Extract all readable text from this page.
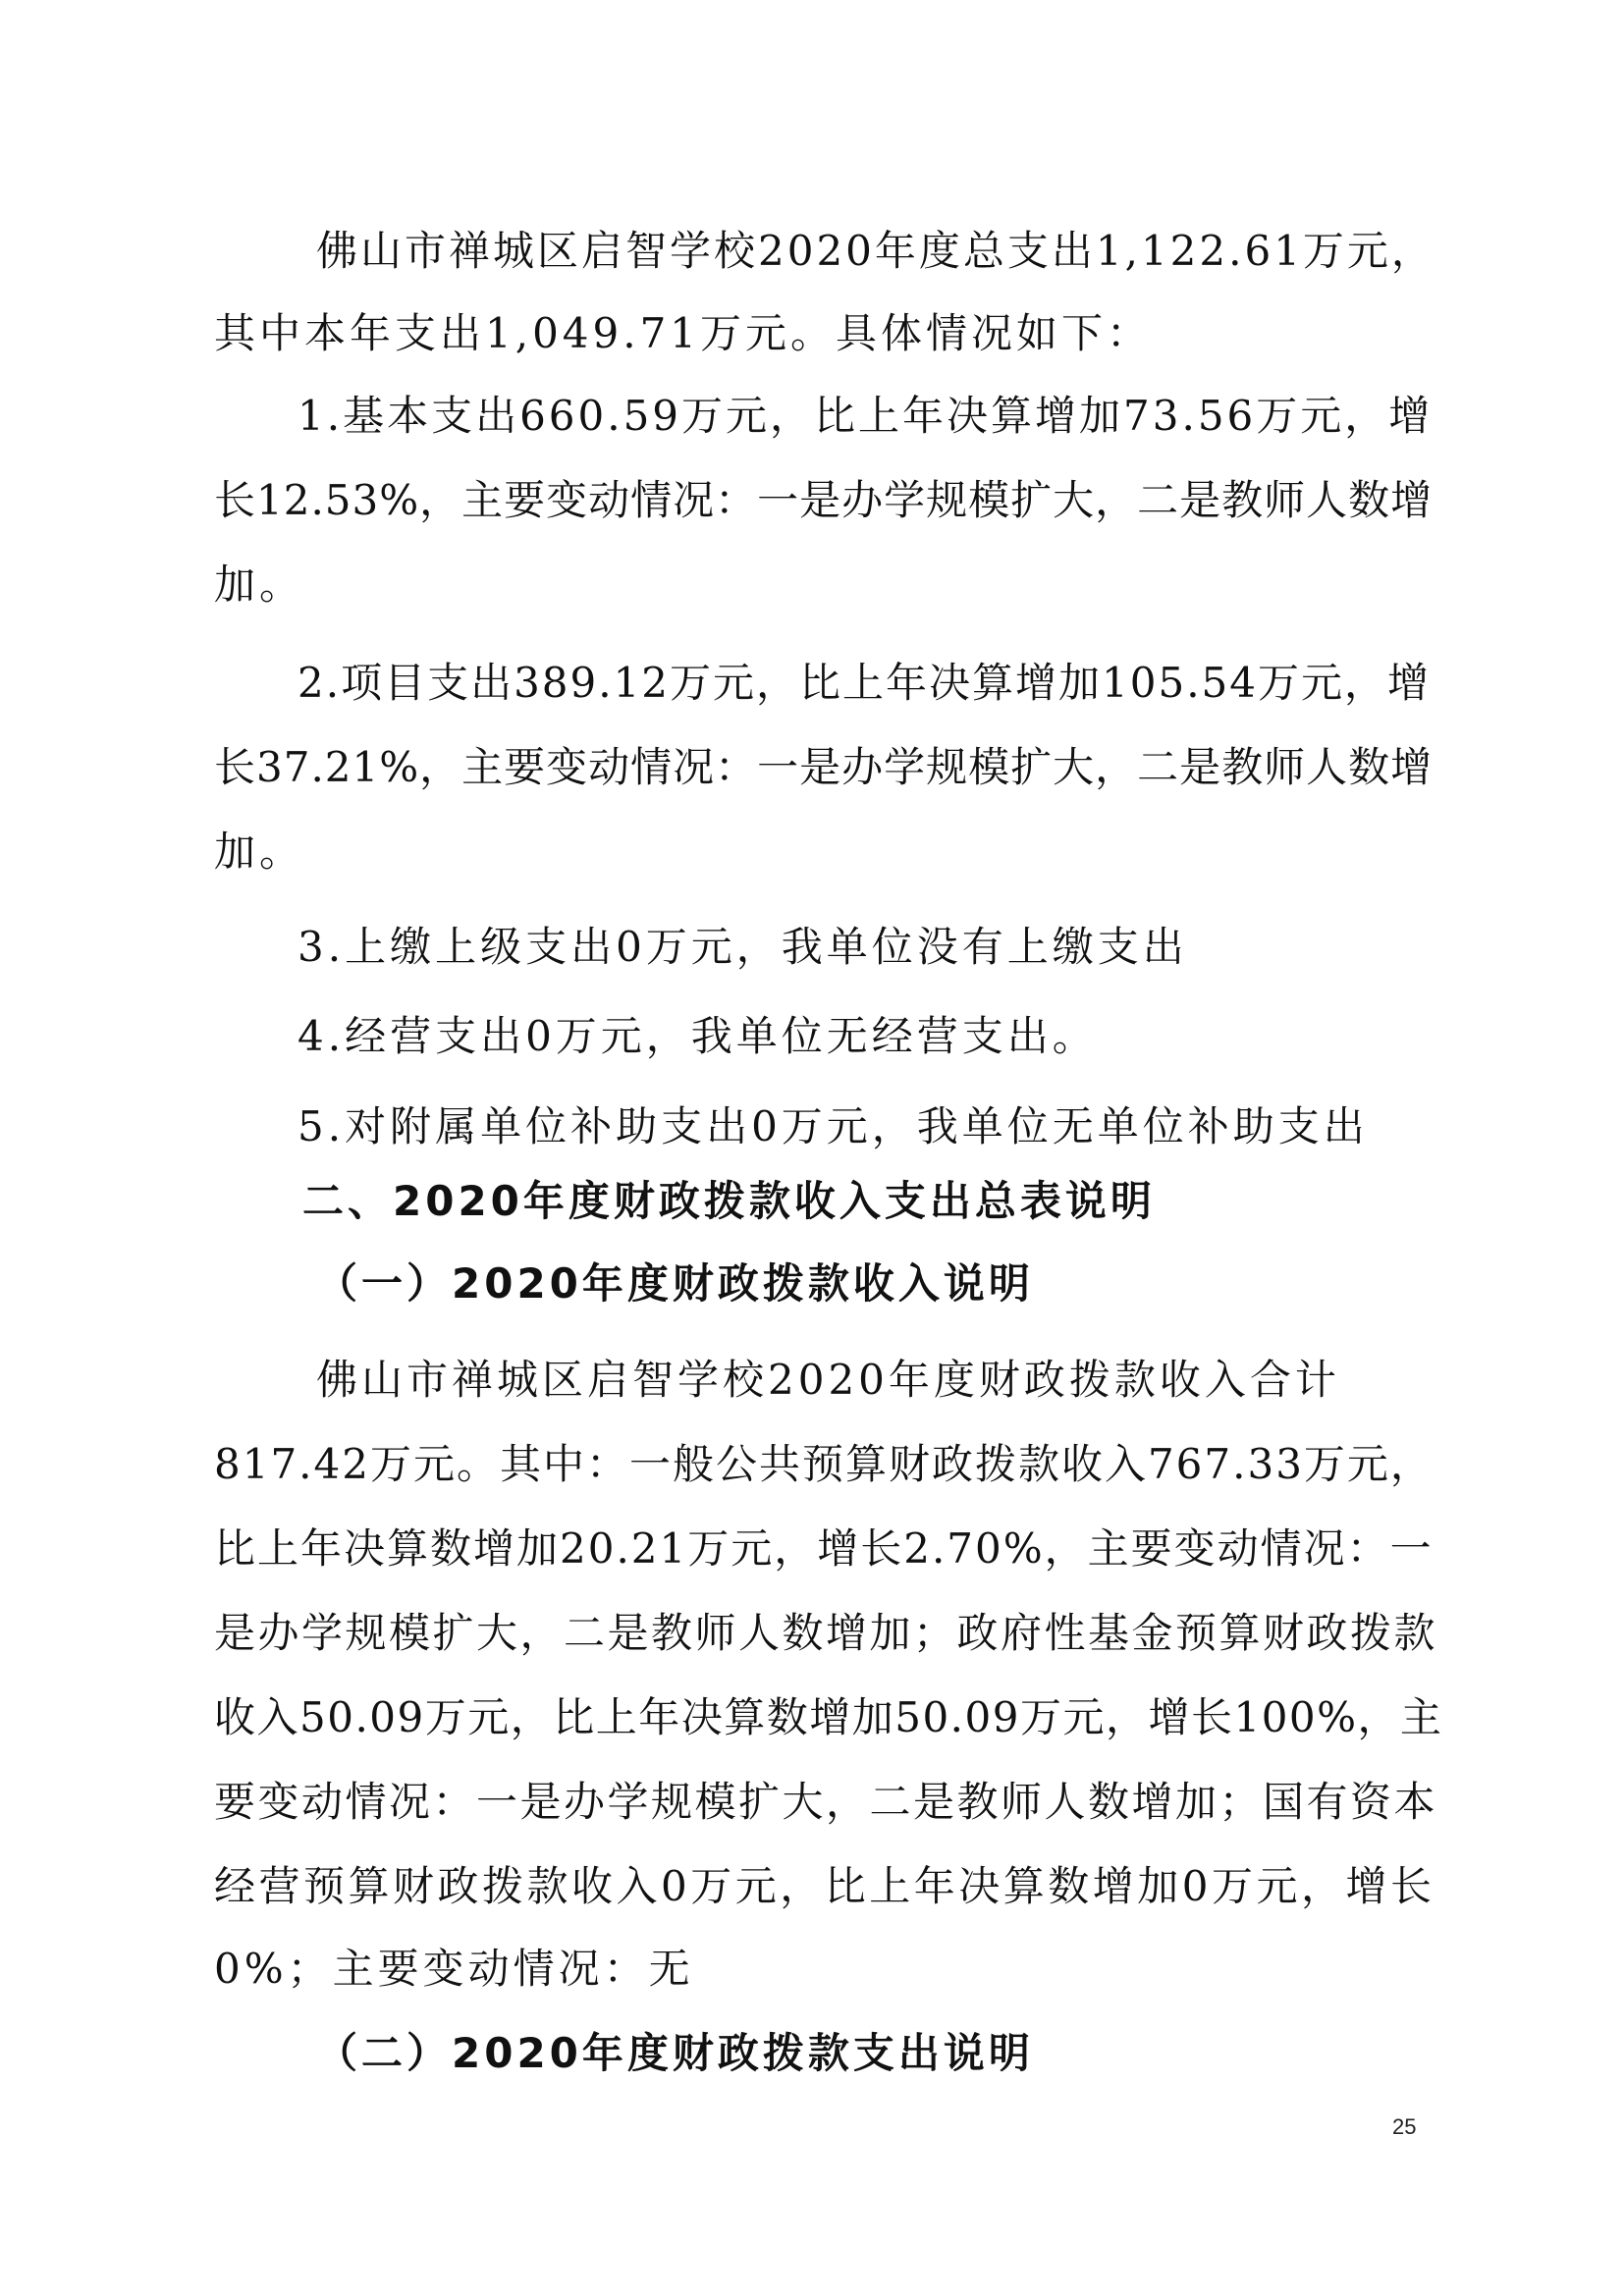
佛山市禅城区启智学校2020年度总支出1,122.61万元，
其中本年支出1,049.71万元。具体情况如下：
1.基本支出660.59万元，比上年决算增加73.56万元，增
长12.53%，主要变动情况：一是办学规模扩大，二是教师人数增
加。
2.项目支出389.12万元，比上年决算增加105.54万元，增
长37.21%，主要变动情况：一是办学规模扩大，二是教师人数增
加。
3.上缴上级支出0万元，我单位没有上缴支出
4.经营支出0万元，我单位无经营支出。
5.对附属单位补助支出0万元，我单位无单位补助支出
二、2020年度财政拨款收入支出总表说明
（一）2020年度财政拨款收入说明
佛山市禅城区启智学校2020年度财政拨款收入合计
817.42万元。其中：一般公共预算财政拨款收入767.33万元，
比上年决算数增加20.21万元，增长2.70%，主要变动情况：一
是办学规模扩大，二是教师人数增加；政府性基金预算财政拨款
收入50.09万元，比上年决算数增加50.09万元，增长100%，主
要变动情况：一是办学规模扩大，二是教师人数增加；国有资本
经营预算财政拨款收入0万元，比上年决算数增加0万元，增长
0%；主要变动情况：无
（二）2020年度财政拨款支出说明
25
